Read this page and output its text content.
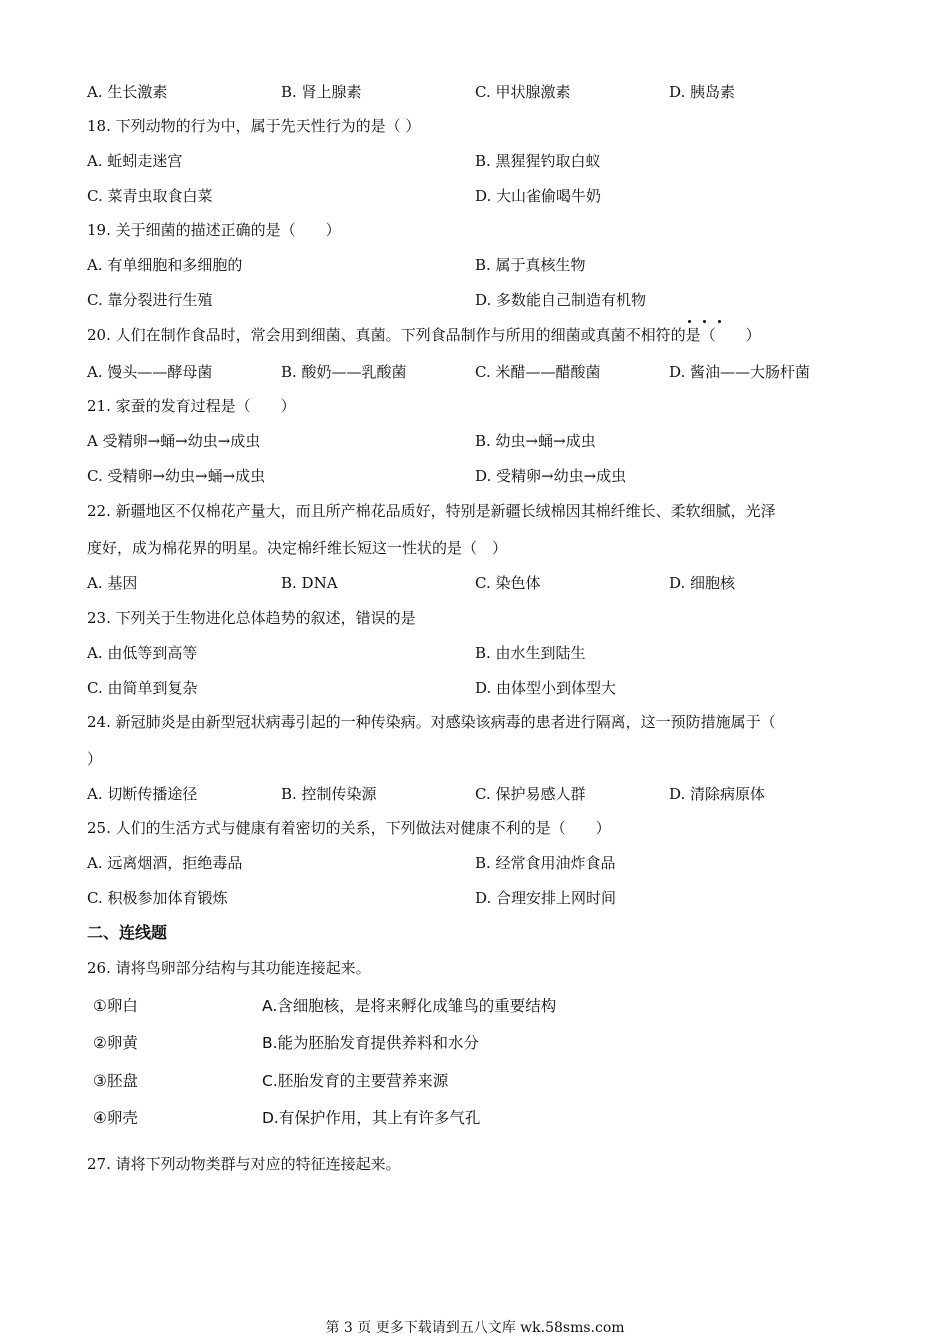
A. 生长激素	B. 肾上腺素	C. 甲状腺激素	D. 胰岛素
18. 下列动物的行为中，属于先天性行为的是（ ）
A. 蚯蚓走迷宫	B. 黑猩猩钓取白蚁
C. 菜青虫取食白菜	D. 大山雀偷喝牛奶
19. 关于细菌的描述正确的是（　　）
A. 有单细胞和多细胞的	B. 属于真核生物
C. 靠分裂进行生殖	D. 多数能自己制造有机物
20. 人们在制作食品时，常会用到细菌、真菌。下列食品制作与所用的细菌或真菌不相符的是（　　）
A. 馒头——酵母菌	B. 酸奶——乳酸菌	C. 米醋——醋酸菌	D. 酱油——大肠杆菌
21. 家蚕的发育过程是（　　）
A 受精卵→蛹→幼虫→成虫	B. 幼虫→蛹→成虫
C. 受精卵→幼虫→蛹→成虫	D. 受精卵→幼虫→成虫
22. 新疆地区不仅棉花产量大，而且所产棉花品质好，特别是新疆长绒棉因其棉纤维长、柔软细腻，光泽
度好，成为棉花界的明星。决定棉纤维长短这一性状的是（　）
A. 基因	B. DNA	C. 染色体	D. 细胞核
23. 下列关于生物进化总体趋势的叙述，错误的是
A. 由低等到高等	B. 由水生到陆生
C. 由简单到复杂	D. 由体型小到体型大
24. 新冠肺炎是由新型冠状病毒引起的一种传染病。对感染该病毒的患者进行隔离，这一预防措施属于（
）
A. 切断传播途径	B. 控制传染源	C. 保护易感人群	D. 清除病原体
25. 人们的生活方式与健康有着密切的关系，下列做法对健康不利的是（　　）
A. 远离烟酒，拒绝毒品	B. 经常食用油炸食品
C. 积极参加体育锻炼	D. 合理安排上网时间
二、连线题
26. 请将鸟卵部分结构与其功能连接起来。
①卵白	A.含细胞核，是将来孵化成雏鸟的重要结构
②卵黄	B.能为胚胎发育提供养料和水分
③胚盘	C.胚胎发育的主要营养来源
④卵壳	D.有保护作用，其上有许多气孔
27. 请将下列动物类群与对应的特征连接起来。
第 3 页 更多下载请到五八文库 wk.58sms.com
